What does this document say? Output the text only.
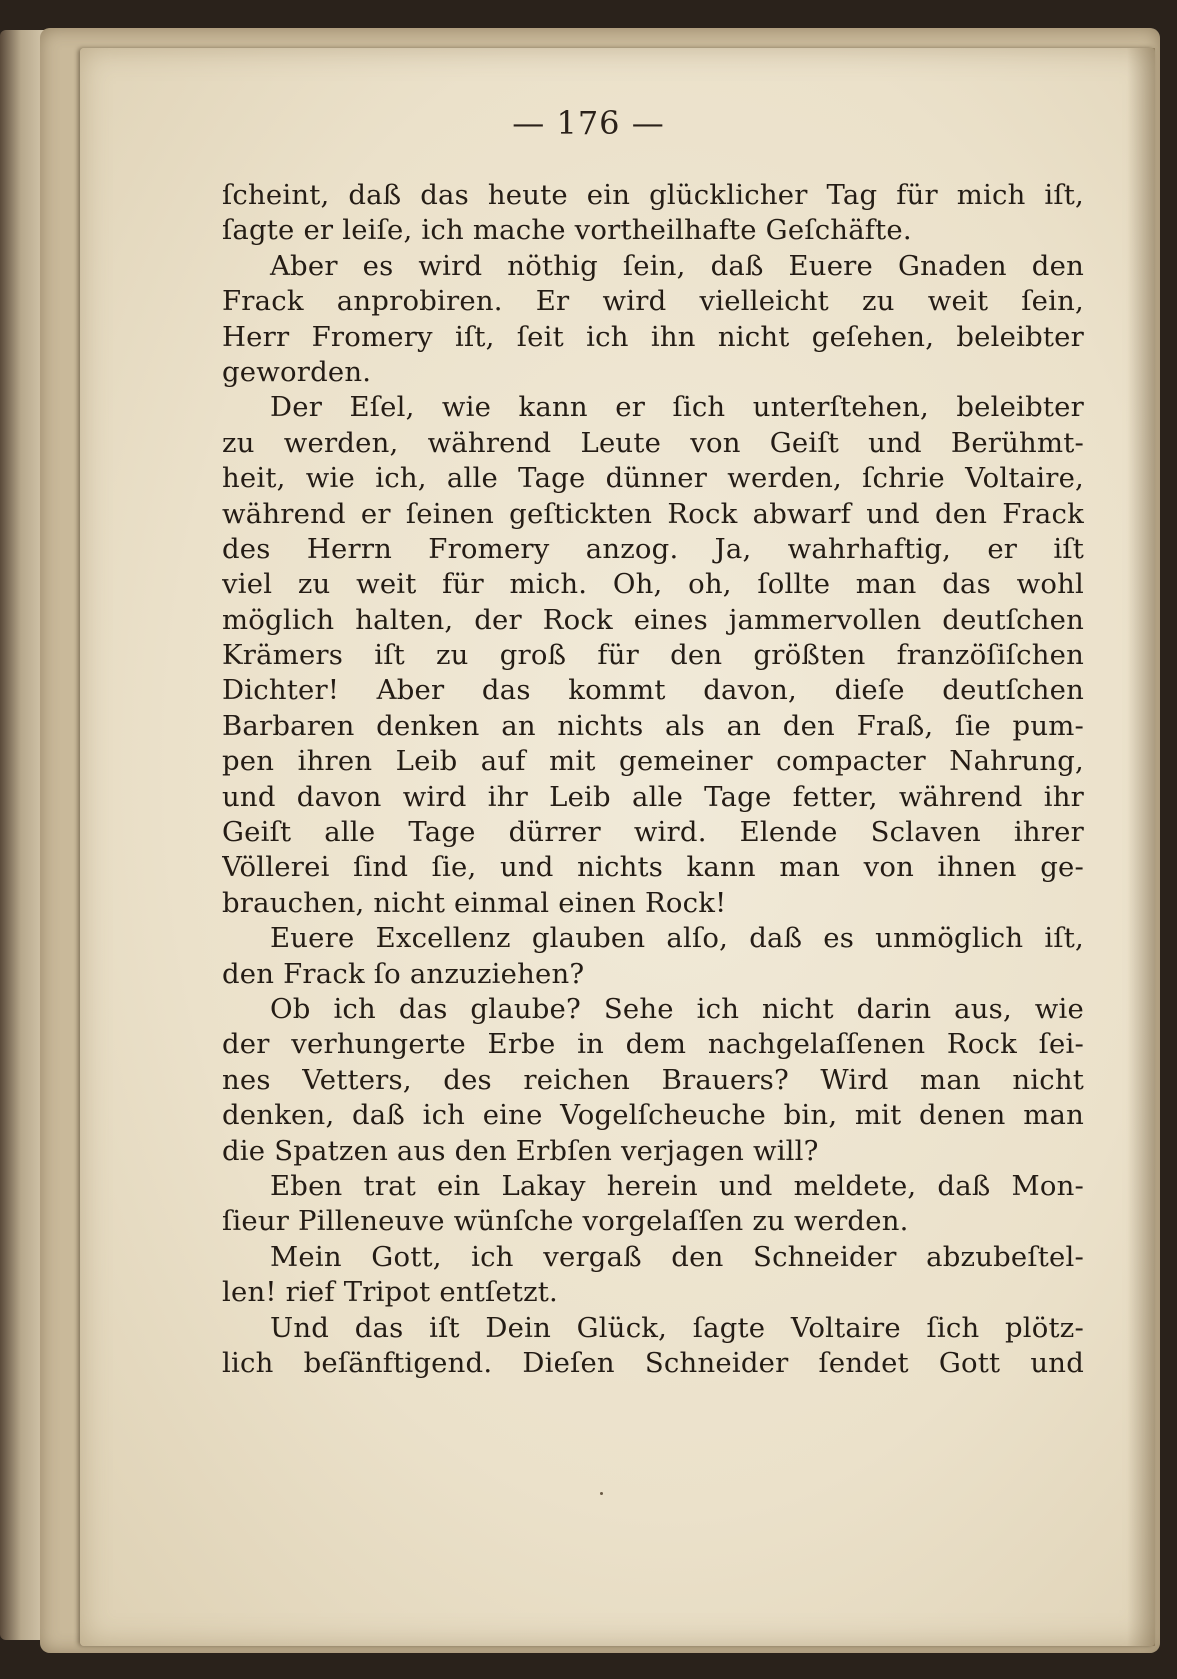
— 176 —
ſcheint, daß das heute ein glücklicher Tag für mich iſt,
ſagte er leiſe, ich mache vortheilhafte Geſchäfte.
Aber es wird nöthig ſein, daß Euere Gnaden den
Frack anprobiren. Er wird vielleicht zu weit ſein,
Herr Fromery iſt, ſeit ich ihn nicht geſehen, beleibter
geworden.
Der Eſel, wie kann er ſich unterſtehen, beleibter
zu werden, während Leute von Geiſt und Berühmt-
heit, wie ich, alle Tage dünner werden, ſchrie Voltaire,
während er ſeinen geſtickten Rock abwarf und den Frack
des Herrn Fromery anzog. Ja, wahrhaftig, er iſt
viel zu weit für mich. Oh, oh, ſollte man das wohl
möglich halten, der Rock eines jammervollen deutſchen
Krämers iſt zu groß für den größten franzöſiſchen
Dichter! Aber das kommt davon, dieſe deutſchen
Barbaren denken an nichts als an den Fraß, ſie pum-
pen ihren Leib auf mit gemeiner compacter Nahrung,
und davon wird ihr Leib alle Tage fetter, während ihr
Geiſt alle Tage dürrer wird. Elende Sclaven ihrer
Völlerei ſind ſie, und nichts kann man von ihnen ge-
brauchen, nicht einmal einen Rock!
Euere Excellenz glauben alſo, daß es unmöglich iſt,
den Frack ſo anzuziehen?
Ob ich das glaube? Sehe ich nicht darin aus, wie
der verhungerte Erbe in dem nachgelaſſenen Rock ſei-
nes Vetters, des reichen Brauers? Wird man nicht
denken, daß ich eine Vogelſcheuche bin, mit denen man
die Spatzen aus den Erbſen verjagen will?
Eben trat ein Lakay herein und meldete, daß Mon-
ſieur Pilleneuve wünſche vorgelaſſen zu werden.
Mein Gott, ich vergaß den Schneider abzubeſtel-
len! rief Tripot entſetzt.
Und das iſt Dein Glück, ſagte Voltaire ſich plötz-
lich beſänftigend. Dieſen Schneider ſendet Gott und
